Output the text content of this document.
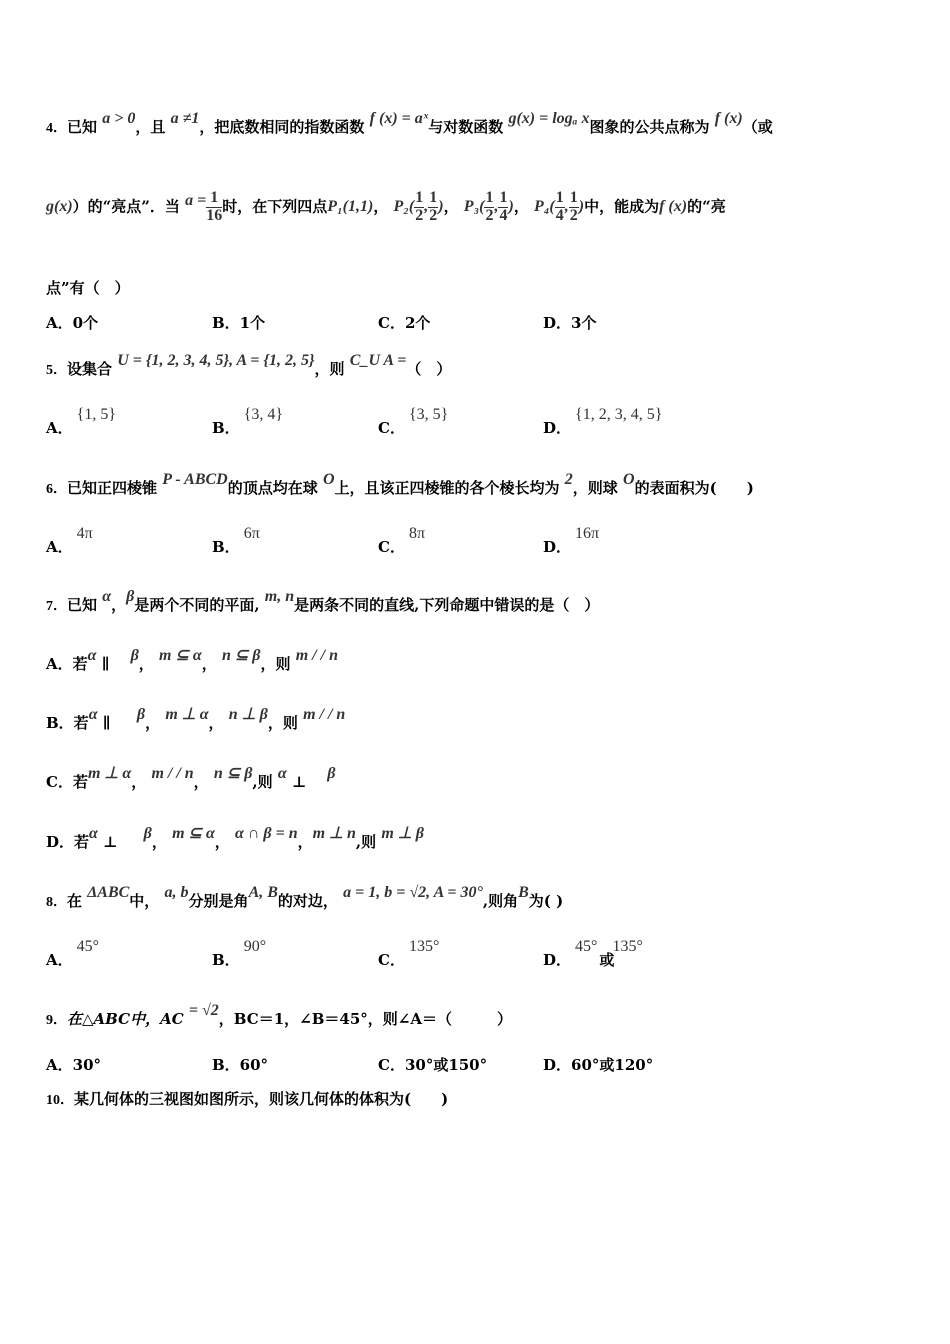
4．已知 a > 0，且 a ≠1，把底数相同的指数函数 f (x) = aˣ与对数函数 g(x) = logₐ x图象的公共点称为 f (x)（或
g(x)）的“亮点”．当 $a = \frac{1}{16}$ 时，在下列四点P₁(1,1)， $P_2( \frac{1}{2}$ , $\frac{1}{2}$ )， $P_3( \frac{1}{2}$ , $\frac{1}{4}$ )， $P_4( \frac{1}{4}$ , $\frac{1}{2}$ )中，能成为f (x)的“亮
点”有（　）
A．0个	B．1个	C．2个	D．3个
5．设集合 U = {1, 2, 3, 4, 5}, A = {1, 2, 5}，则 C_U A =（　）
A．{1, 5}
B．{3, 4}
C．{3, 5}
D．{1, 2, 3, 4, 5}
6．已知正四棱锥 P - ABCD的顶点均在球 O上，且该正四棱锥的各个棱长均为 2，则球 O的表面积为(　　)
A．4π
B．6π
C．8π
D．16π
7．已知 α，β是两个不同的平面, m, n是两条不同的直线,下列命题中错误的是（　）
A．若α ∥ β， m ⊆ α， n ⊆ β，则 m / / n
B．若α ∥ β， m ⊥ α， n ⊥ β，则 m / / n
C．若m ⊥ α， m / / n， n ⊆ β,则 α ⊥ β
D．若α ⊥ β， m ⊆ α， α ∩ β = n，m ⊥ n,则 m ⊥ β
8．在 ΔABC中， a, b分别是角A, B的对边， a = 1, b = √2, A = 30°,则角B为( )
A．45°
B．90°
C．135°
D．45°或135°
9．在△ABC中，AC = √2，BC＝1，∠B＝45°，则∠A＝（　　　）
A．30°	B．60°	C．30°或150°	D．60°或120°
10．某几何体的三视图如图所示，则该几何体的体积为(　　)
